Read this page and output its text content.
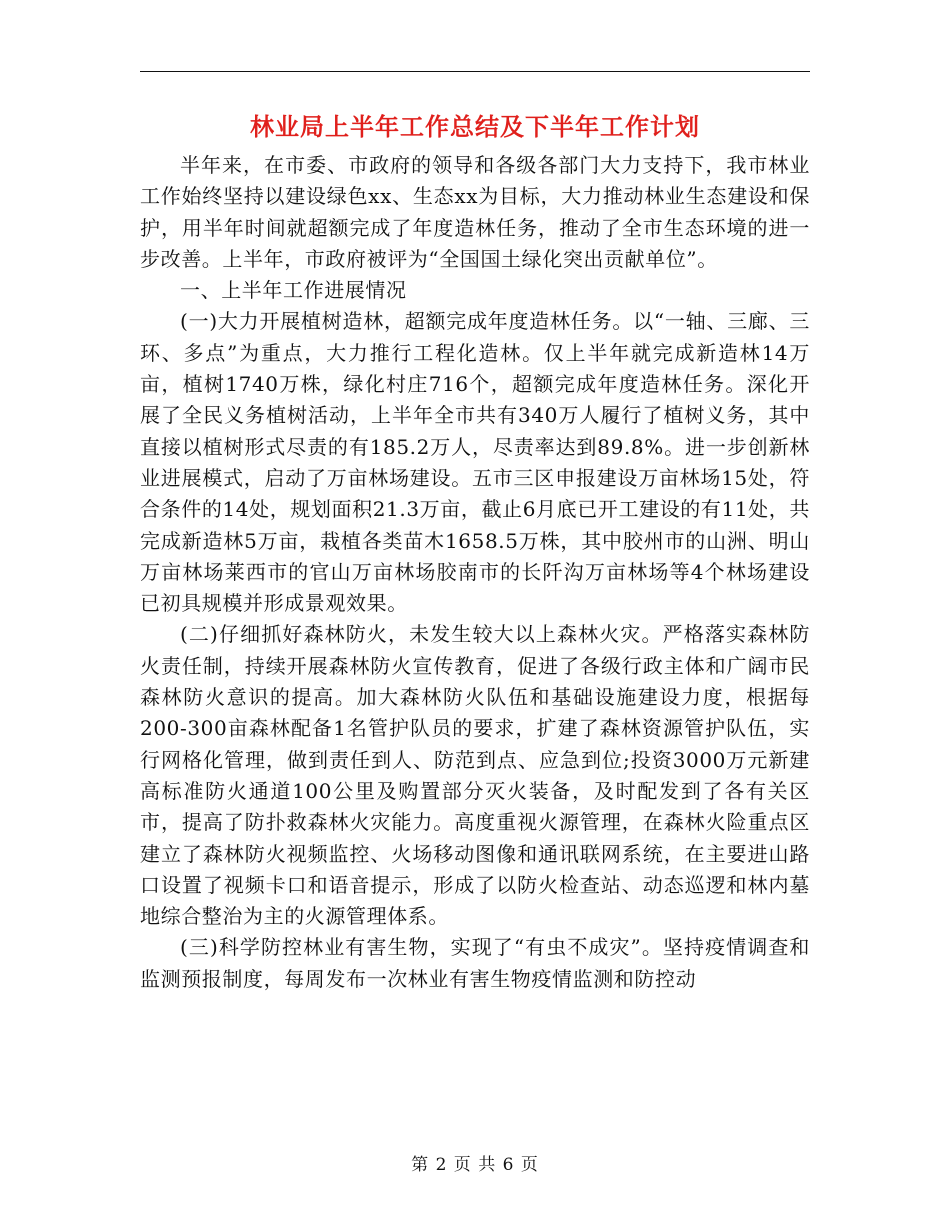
林业局上半年工作总结及下半年工作计划

半年来，在市委、市政府的领导和各级各部门大力支持下，我市林业工作始终坚持以建设绿色xx、生态xx为目标，大力推动林业生态建设和保护，用半年时间就超额完成了年度造林任务，推动了全市生态环境的进一步改善。上半年，市政府被评为“全国国土绿化突出贡献单位”。

一、上半年工作进展情况

(一)大力开展植树造林，超额完成年度造林任务。以“一轴、三廊、三环、多点”为重点，大力推行工程化造林。仅上半年就完成新造林14万亩，植树1740万株，绿化村庄716个，超额完成年度造林任务。深化开展了全民义务植树活动，上半年全市共有340万人履行了植树义务，其中直接以植树形式尽责的有185.2万人，尽责率达到89.8%。进一步创新林业进展模式，启动了万亩林场建设。五市三区申报建设万亩林场15处，符合条件的14处，规划面积21.3万亩，截止6月底已开工建设的有11处，共完成新造林5万亩，栽植各类苗木1658.5万株，其中胶州市的山洲、明山万亩林场莱西市的官山万亩林场胶南市的长阡沟万亩林场等4个林场建设已初具规模并形成景观效果。

(二)仔细抓好森林防火，未发生较大以上森林火灾。严格落实森林防火责任制，持续开展森林防火宣传教育，促进了各级行政主体和广阔市民森林防火意识的提高。加大森林防火队伍和基础设施建设力度，根据每200-300亩森林配备1名管护队员的要求，扩建了森林资源管护队伍，实行网格化管理，做到责任到人、防范到点、应急到位;投资3000万元新建高标准防火通道100公里及购置部分灭火装备，及时配发到了各有关区市，提高了防扑救森林火灾能力。高度重视火源管理，在森林火险重点区建立了森林防火视频监控、火场移动图像和通讯联网系统，在主要进山路口设置了视频卡口和语音提示，形成了以防火检查站、动态巡逻和林内墓地综合整治为主的火源管理体系。

(三)科学防控林业有害生物，实现了“有虫不成灾”。坚持疫情调查和监测预报制度，每周发布一次林业有害生物疫情监测和防控动

第 2 页 共 6 页
